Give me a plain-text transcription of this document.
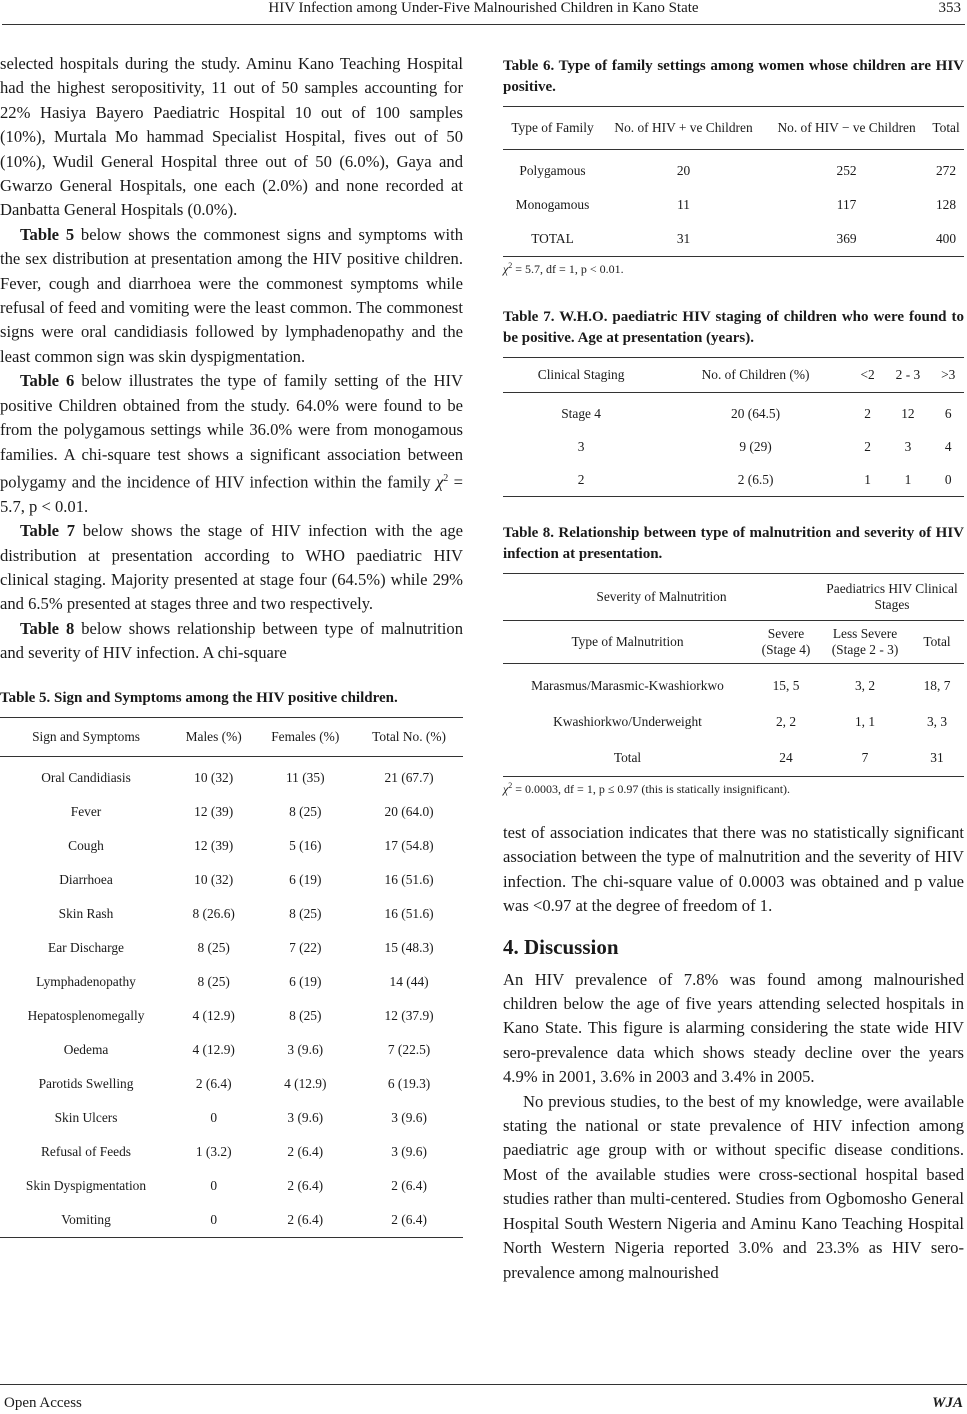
HIV Infection among Under-Five Malnourished Children in Kano State	353

selected hospitals during the study. Aminu Kano Teaching Hospital had the highest seropositivity, 11 out of 50 samples accounting for 22% Hasiya Bayero Paediatric Hospital 10 out of 100 samples (10%), Murtala Mo hammad Specialist Hospital, fives out of 50 (10%), Wudil General Hospital three out of 50 (6.0%), Gaya and Gwarzo General Hospitals, one each (2.0%) and none recorded at Danbatta General Hospitals (0.0%).

Table 5 below shows the commonest signs and symptoms with the sex distribution at presentation among the HIV positive children. Fever, cough and diarrhoea were the commonest symptoms while refusal of feed and vomiting were the least common. The commonest signs were oral candidiasis followed by lymphadenopathy and the least common sign was skin dyspigmentation.

Table 6 below illustrates the type of family setting of the HIV positive Children obtained from the study. 64.0% were found to be from the polygamous settings while 36.0% were from monogamous families. A chi-square test shows a significant association between polygamy and the incidence of HIV infection within the family $\chi^2 = 5.7$, p < 0.01.

Table 7 below shows the stage of HIV infection with the age distribution at presentation according to WHO paediatric HIV clinical staging. Majority presented at stage four (64.5%) while 29% and 6.5% presented at stages three and two respectively.

Table 8 below shows relationship between type of malnutrition and severity of HIV infection. A chi-square

Table 5. Sign and Symptoms among the HIV positive children.
Sign and Symptoms	Males (%)	Females (%)	Total No. (%)
Oral Candidiasis	10 (32)	11 (35)	21 (67.7)
Fever	12 (39)	8 (25)	20 (64.0)
Cough	12 (39)	5 (16)	17 (54.8)
Diarrhoea	10 (32)	6 (19)	16 (51.6)
Skin Rash	8 (26.6)	8 (25)	16 (51.6)
Ear Discharge	8 (25)	7 (22)	15 (48.3)
Lymphadenopathy	8 (25)	6 (19)	14 (44)
Hepatosplenomegally	4 (12.9)	8 (25)	12 (37.9)
Oedema	4 (12.9)	3 (9.6)	7 (22.5)
Parotids Swelling	2 (6.4)	4 (12.9)	6 (19.3)
Skin Ulcers	0	3 (9.6)	3 (9.6)
Refusal of Feeds	1 (3.2)	2 (6.4)	3 (9.6)
Skin Dyspigmentation	0	2 (6.4)	2 (6.4)
Vomiting	0	2 (6.4)	2 (6.4)
Table 6. Type of family settings among women whose children are HIV positive.
Type of Family	No. of HIV + ve Children	No. of HIV − ve Children	Total
Polygamous	20	252	272
Monogamous	11	117	128
TOTAL	31	369	400
$\chi^2 = 5.7$, df = 1, p < 0.01.
Table 7. W.H.O. paediatric HIV staging of children who were found to be positive. Age at presentation (years).
Clinical Staging	No. of Children (%)	<2	2 - 3	>3
Stage 4	20 (64.5)	2	12	6
3	9 (29)	2	3	4
2	2 (6.5)	1	1	0
Table 8. Relationship between type of malnutrition and severity of HIV infection at presentation.
Severity of Malnutrition		Paediatrics HIV Clinical Stages	
Type of Malnutrition	Severe (Stage 4)	Less Severe (Stage 2 - 3)	Total
Marasmus/Marasmic-Kwashiorkwo	15, 5	3, 2	18, 7
Kwashiorkwo/Underweight	2, 2	1, 1	3, 3
Total	24	7	31
$\chi^2 = 0.0003$, df = 1, p ≤ 0.97 (this is statically insignificant).

test of association indicates that there was no statistically significant association between the type of malnutrition and the severity of HIV infection. The chi-square value of 0.0003 was obtained and p value was <0.97 at the degree of freedom of 1.

4. Discussion

An HIV prevalence of 7.8% was found among malnourished children below the age of five years attending selected hospitals in Kano State. This figure is alarming considering the state wide HIV sero-prevalence data which shows steady decline over the years 4.9% in 2001, 3.6% in 2003 and 3.4% in 2005.

No previous studies, to the best of my knowledge, were available stating the national or state prevalence of HIV infection among paediatric age group with or without specific disease conditions. Most of the available studies were cross-sectional hospital based studies rather than multi-centered. Studies from Ogbomosho General Hospital South Western Nigeria and Aminu Kano Teaching Hospital North Western Nigeria reported 3.0% and 23.3% as HIV sero-prevalence among malnourished

Open Access	WJA
